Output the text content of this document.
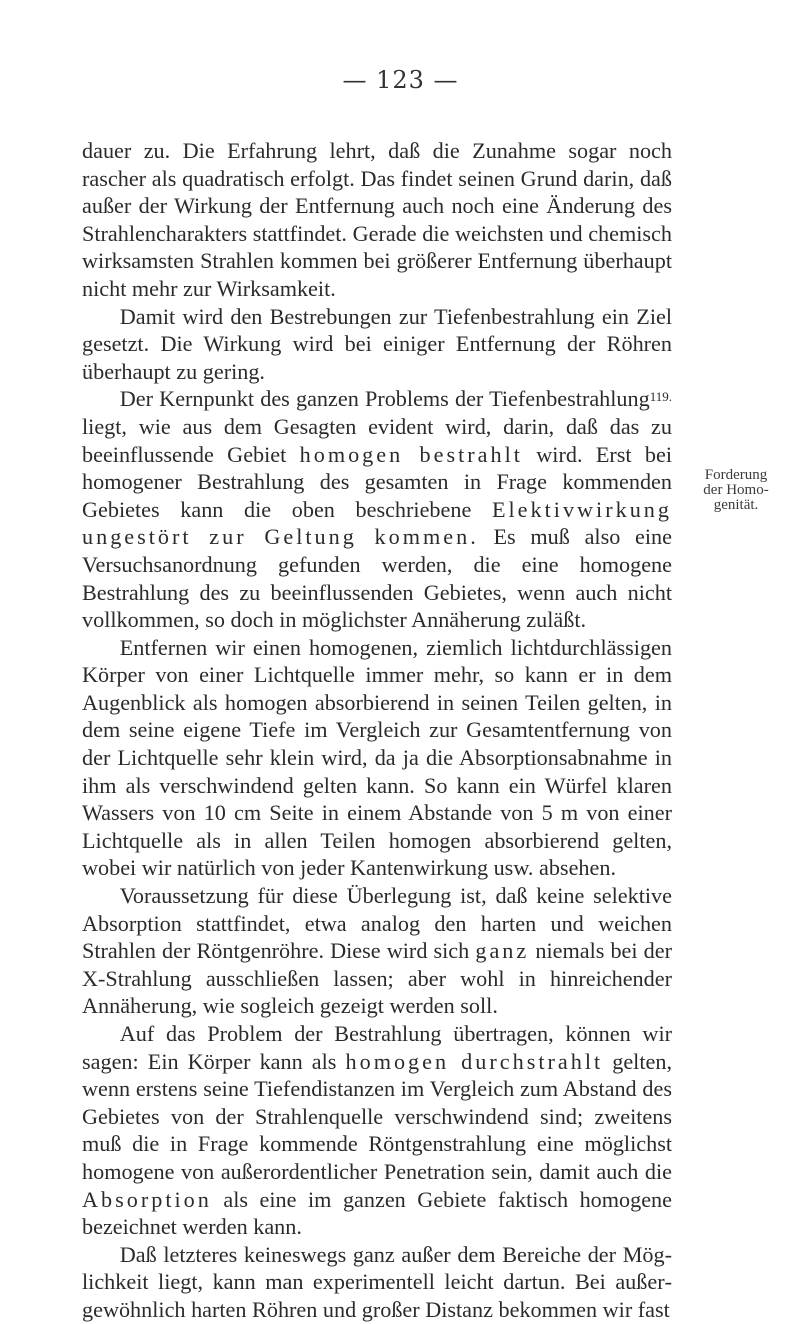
— 123 —

dauer zu. Die Erfahrung lehrt, daß die Zunahme sogar noch rascher als quadratisch erfolgt. Das findet seinen Grund darin, daß außer der Wirkung der Entfernung auch noch eine Änderung des Strahlencharakters stattfindet. Gerade die weichsten und chemisch wirksamsten Strahlen kommen bei größerer Entfernung überhaupt nicht mehr zur Wirksamkeit.

Damit wird den Bestrebungen zur Tiefenbestrahlung ein Ziel gesetzt. Die Wirkung wird bei einiger Entfernung der Röhren überhaupt zu gering.

Der Kernpunkt des ganzen Problems der Tiefenbestrahlung$^{119.}$ liegt, wie aus dem Gesagten evident wird, darin, daß das zu beeinflussende Gebiet homogen bestrahlt wird. Erst bei homogener Bestrahlung des gesamten in Frage kommenden Gebietes kann die oben beschriebene Elektivwirkung ungestört zur Geltung kommen. Es muß also eine Versuchsanordnung gefunden werden, die eine homogene Bestrahlung des zu beeinflussenden Gebietes, wenn auch nicht vollkommen, so doch in möglichster Annäherung zuläßt.

Entfernen wir einen homogenen, ziemlich lichtdurchlässigen Körper von einer Lichtquelle immer mehr, so kann er in dem Augenblick als homogen absorbierend in seinen Teilen gelten, in dem seine eigene Tiefe im Vergleich zur Gesamtentfernung von der Lichtquelle sehr klein wird, da ja die Absorptionsabnahme in ihm als verschwindend gelten kann. So kann ein Würfel klaren Wassers von 10 cm Seite in einem Abstande von 5 m von einer Lichtquelle als in allen Teilen homogen absorbierend gelten, wobei wir natürlich von jeder Kantenwirkung usw. absehen.

Voraussetzung für diese Überlegung ist, daß keine selektive Absorption stattfindet, etwa analog den harten und weichen Strahlen der Röntgenröhre. Diese wird sich ganz niemals bei der X-Strahlung ausschließen lassen; aber wohl in hinreichender Annäherung, wie sogleich gezeigt werden soll.

Auf das Problem der Bestrahlung übertragen, können wir sagen: Ein Körper kann als homogen durchstrahlt gelten, wenn erstens seine Tiefendistanzen im Vergleich zum Abstand des Gebietes von der Strahlenquelle verschwindend sind; zweitens muß die in Frage kommende Röntgenstrahlung eine möglichst homogene von außerordentlicher Penetration sein, damit auch die Absorption als eine im ganzen Gebiete faktisch homogene bezeichnet werden kann.

Daß letzteres keineswegs ganz außer dem Bereiche der Möglichkeit liegt, kann man experimentell leicht dartun. Bei außergewöhnlich harten Röhren und großer Distanz bekommen wir fast

Forderung
der Homo-
genität.
